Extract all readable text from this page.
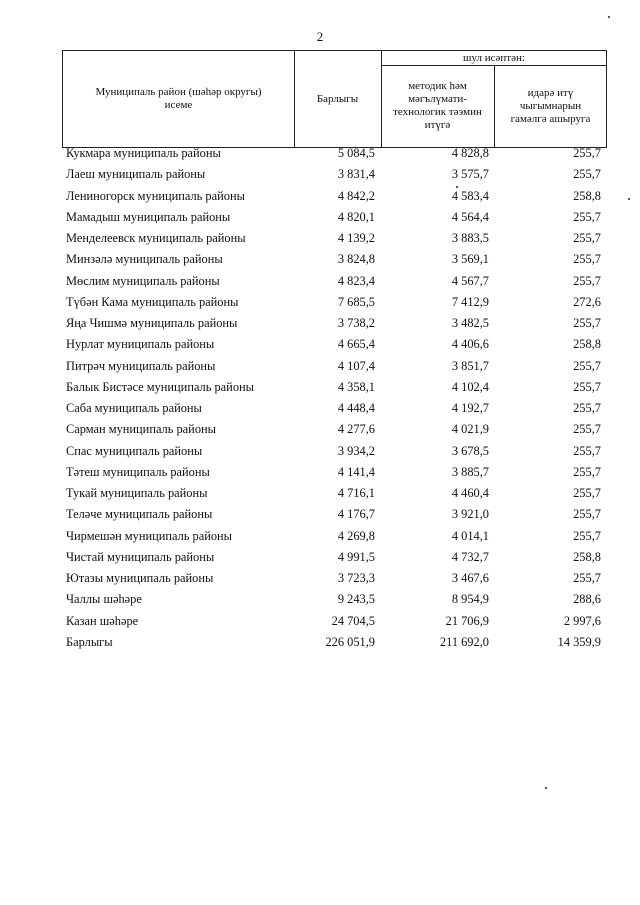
2
Муниципаль район (шәһәр округы) исеме
Барлыгы
шул исәптән:
методик һәм мәгълүмати-технологик тәэмин итүгә
идарә итү чыгымнарын гамәлгә ашыруга
Кукмара муниципаль районы	5 084,5	4 828,8	255,7
Лаеш муниципаль районы	3 831,4	3 575,7	255,7
Лениногорск муниципаль районы	4 842,2	4 583,4	258,8
Мамадыш муниципаль районы	4 820,1	4 564,4	255,7
Менделеевск муниципаль районы	4 139,2	3 883,5	255,7
Минзәлә муниципаль районы	3 824,8	3 569,1	255,7
Мөслим муниципаль районы	4 823,4	4 567,7	255,7
Түбән Кама муниципаль районы	7 685,5	7 412,9	272,6
Яңа Чишмә муниципаль районы	3 738,2	3 482,5	255,7
Нурлат муниципаль районы	4 665,4	4 406,6	258,8
Питрәч муниципаль районы	4 107,4	3 851,7	255,7
Балык Бистәсе муниципаль районы	4 358,1	4 102,4	255,7
Саба муниципаль районы	4 448,4	4 192,7	255,7
Сарман муниципаль районы	4 277,6	4 021,9	255,7
Спас муниципаль районы	3 934,2	3 678,5	255,7
Тәтеш муниципаль районы	4 141,4	3 885,7	255,7
Тукай муниципаль районы	4 716,1	4 460,4	255,7
Теләче муниципаль районы	4 176,7	3 921,0	255,7
Чирмешән муниципаль районы	4 269,8	4 014,1	255,7
Чистай муниципаль районы	4 991,5	4 732,7	258,8
Ютазы муниципаль районы	3 723,3	3 467,6	255,7
Чаллы шәһәре	9 243,5	8 954,9	288,6
Казан шәһәре	24 704,5	21 706,9	2 997,6
Барлыгы	226 051,9	211 692,0	14 359,9
